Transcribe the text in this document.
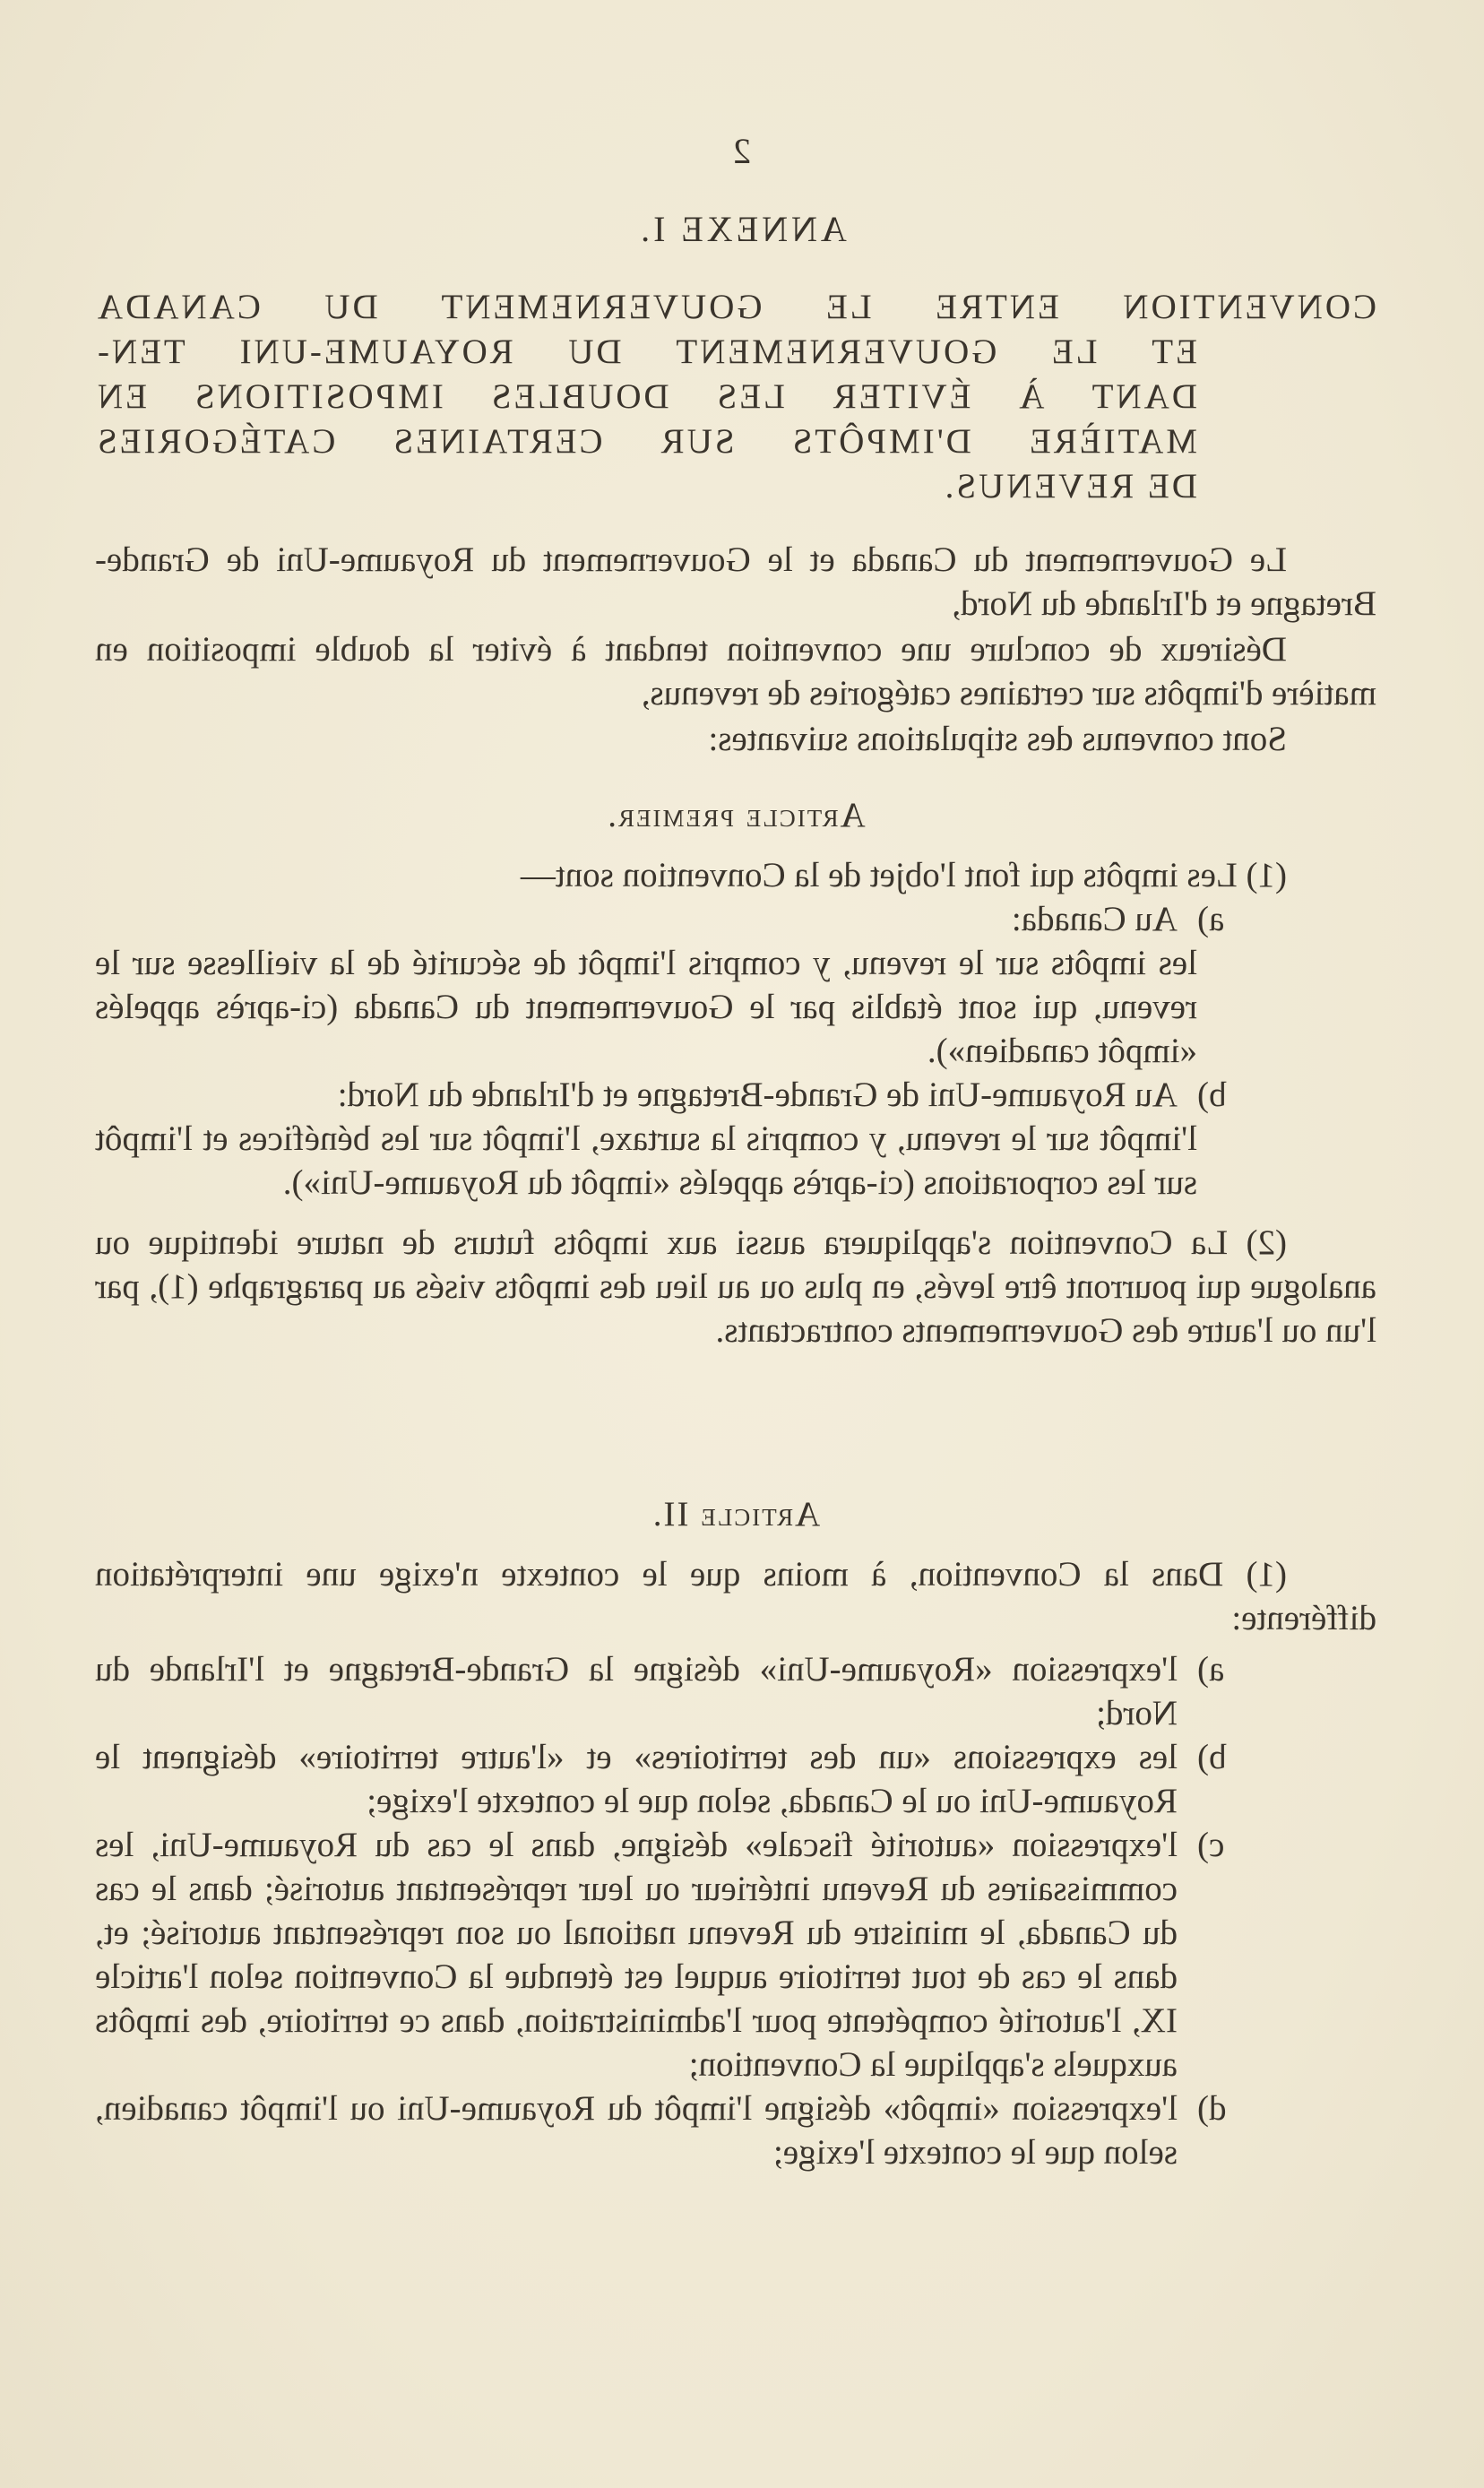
2
ANNEXE I.
CONVENTION ENTRE LE GOUVERNEMENT DU CANADA
ET LE GOUVERNEMENT DU ROYAUME-UNI TEN-
DANT À ÉVITER LES DOUBLES IMPOSITIONS EN
MATIÈRE D'IMPÔTS SUR CERTAINES CATÉGORIES
DE REVENUS.

Le Gouvernement du Canada et le Gouvernement du Royaume-Uni de Grande-Bretagne et d'Irlande du Nord,

Désireux de conclure une convention tendant à éviter la double imposition en matière d'impôts sur certaines catégories de revenus,

Sont convenus des stipulations suivantes:

Article premier.

(1) Les impôts qui font l'objet de la Convention sont—

a)
Au Canada:

les impôts sur le revenu, y compris l'impôt de sécurité de la vieillesse sur le revenu, qui sont établis par le Gouvernement du Canada (ci-après appelés «impôt canadien»).

b)
Au Royaume-Uni de Grande-Bretagne et d'Irlande du Nord:

l'impôt sur le revenu, y compris la surtaxe, l'impôt sur les bénéfices et l'impôt sur les corporations (ci-après appelés «impôt du Royaume-Uni»).

(2) La Convention s'appliquera aussi aux impôts futurs de nature identique ou analogue qui pourront être levés, en plus ou au lieu des impôts visés au paragraphe (1), par l'un ou l'autre des Gouvernements contractants.

Article II.

(1) Dans la Convention, à moins que le contexte n'exige une interprétation différente:

a)
l'expression «Royaume-Uni» désigne la Grande-Bretagne et l'Irlande du Nord;
b)
les expressions «un des territoires» et «l'autre territoire» désignent le Royaume-Uni ou le Canada, selon que le contexte l'exige;
c)
l'expression «autorité fiscale» désigne, dans le cas du Royaume-Uni, les commissaires du Revenu intérieur ou leur représentant autorisé; dans le cas du Canada, le ministre du Revenu national ou son représentant autorisé; et, dans le cas de tout territoire auquel est étendue la Convention selon l'article IX, l'autorité compétente pour l'administration, dans ce territoire, des impôts auxquels s'applique la Convention;
d)
l'expression «impôt» désigne l'impôt du Royaume-Uni ou l'impôt canadien, selon que le contexte l'exige;
